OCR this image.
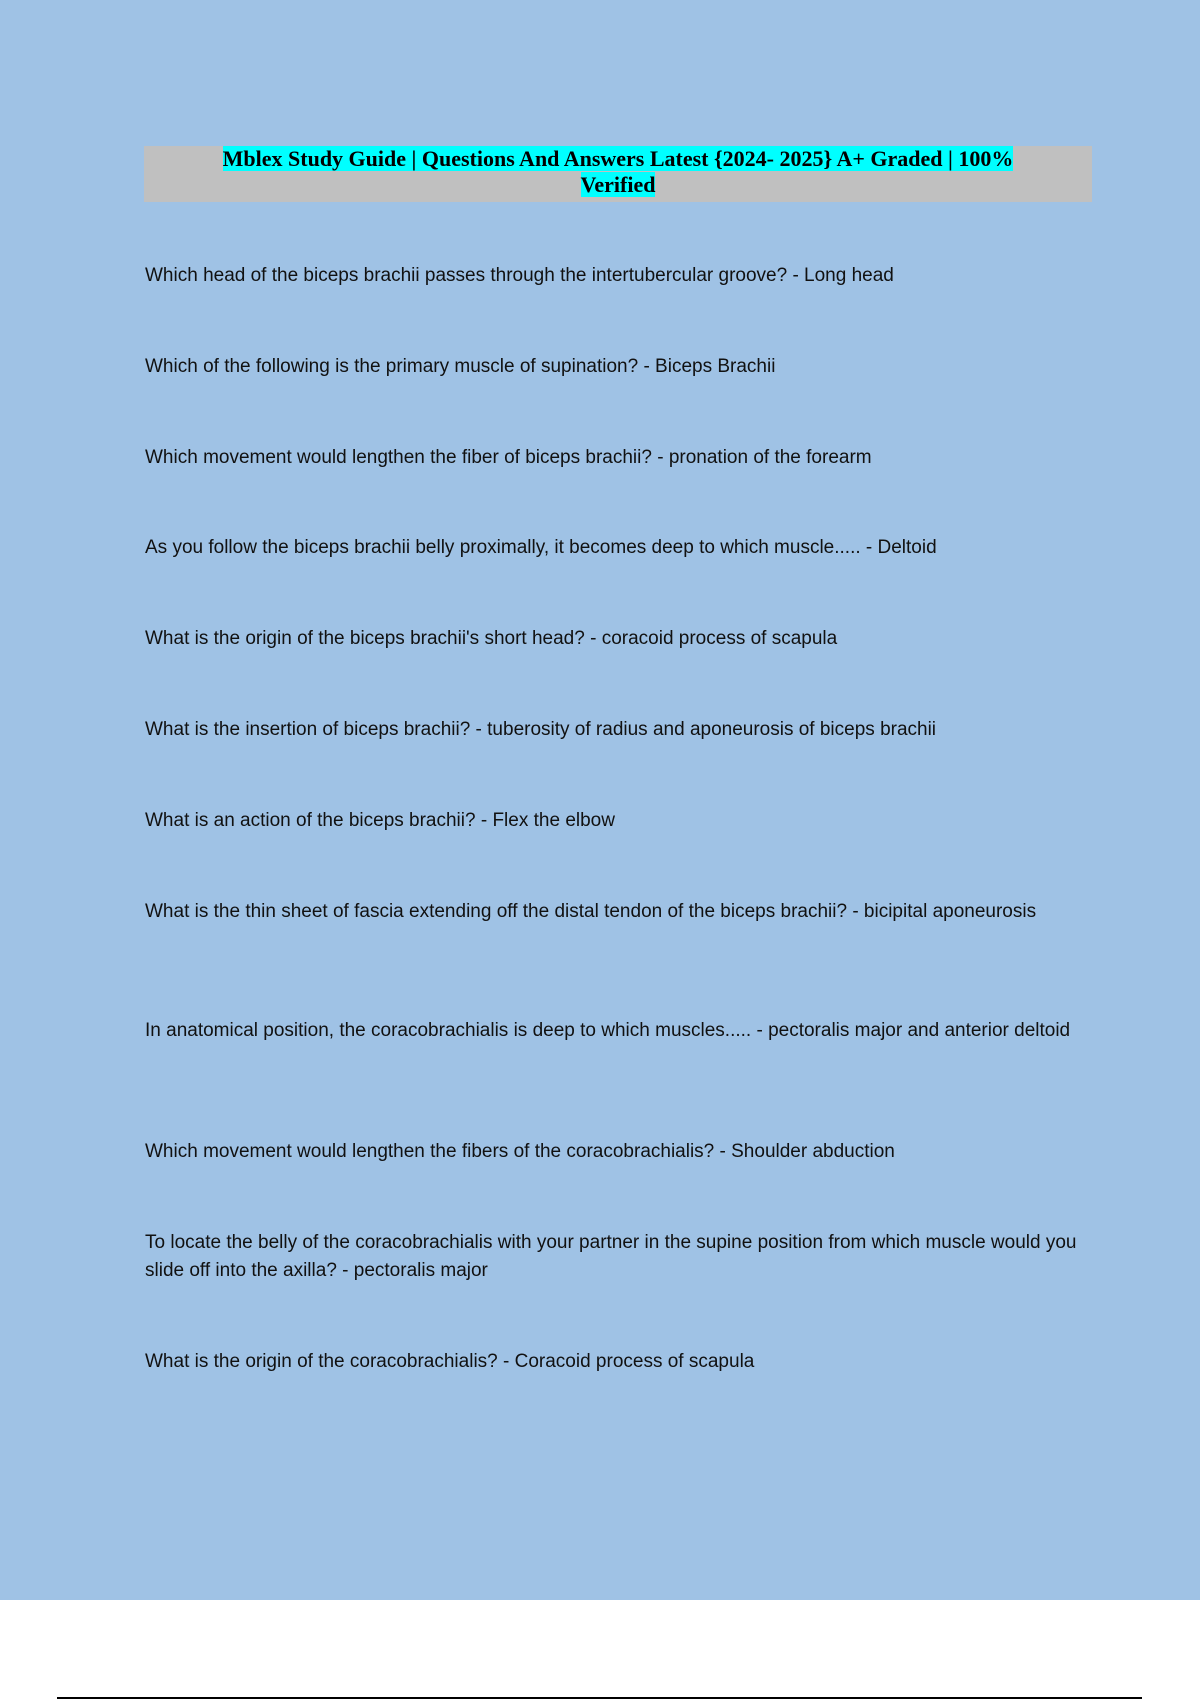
Mblex Study Guide | Questions And Answers Latest {2024- 2025} A+ Graded | 100%
Verified
Which head of the biceps brachii passes through the intertubercular groove? - Long head
Which of the following is the primary muscle of supination? - Biceps Brachii
Which movement would lengthen the fiber of biceps brachii? - pronation of the forearm
As you follow the biceps brachii belly proximally, it becomes deep to which muscle..... - Deltoid
What is the origin of the biceps brachii's short head? - coracoid process of scapula
What is the insertion of biceps brachii? - tuberosity of radius and aponeurosis of biceps brachii
What is an action of the biceps brachii? - Flex the elbow
What is the thin sheet of fascia extending off the distal tendon of the biceps brachii? - bicipital aponeurosis
In anatomical position, the coracobrachialis is deep to which muscles..... - pectoralis major and anterior deltoid
Which movement would lengthen the fibers of the coracobrachialis? - Shoulder abduction
To locate the belly of the coracobrachialis with your partner in the supine position from which muscle would you slide off into the axilla? - pectoralis major
What is the origin of the coracobrachialis? - Coracoid process of scapula
